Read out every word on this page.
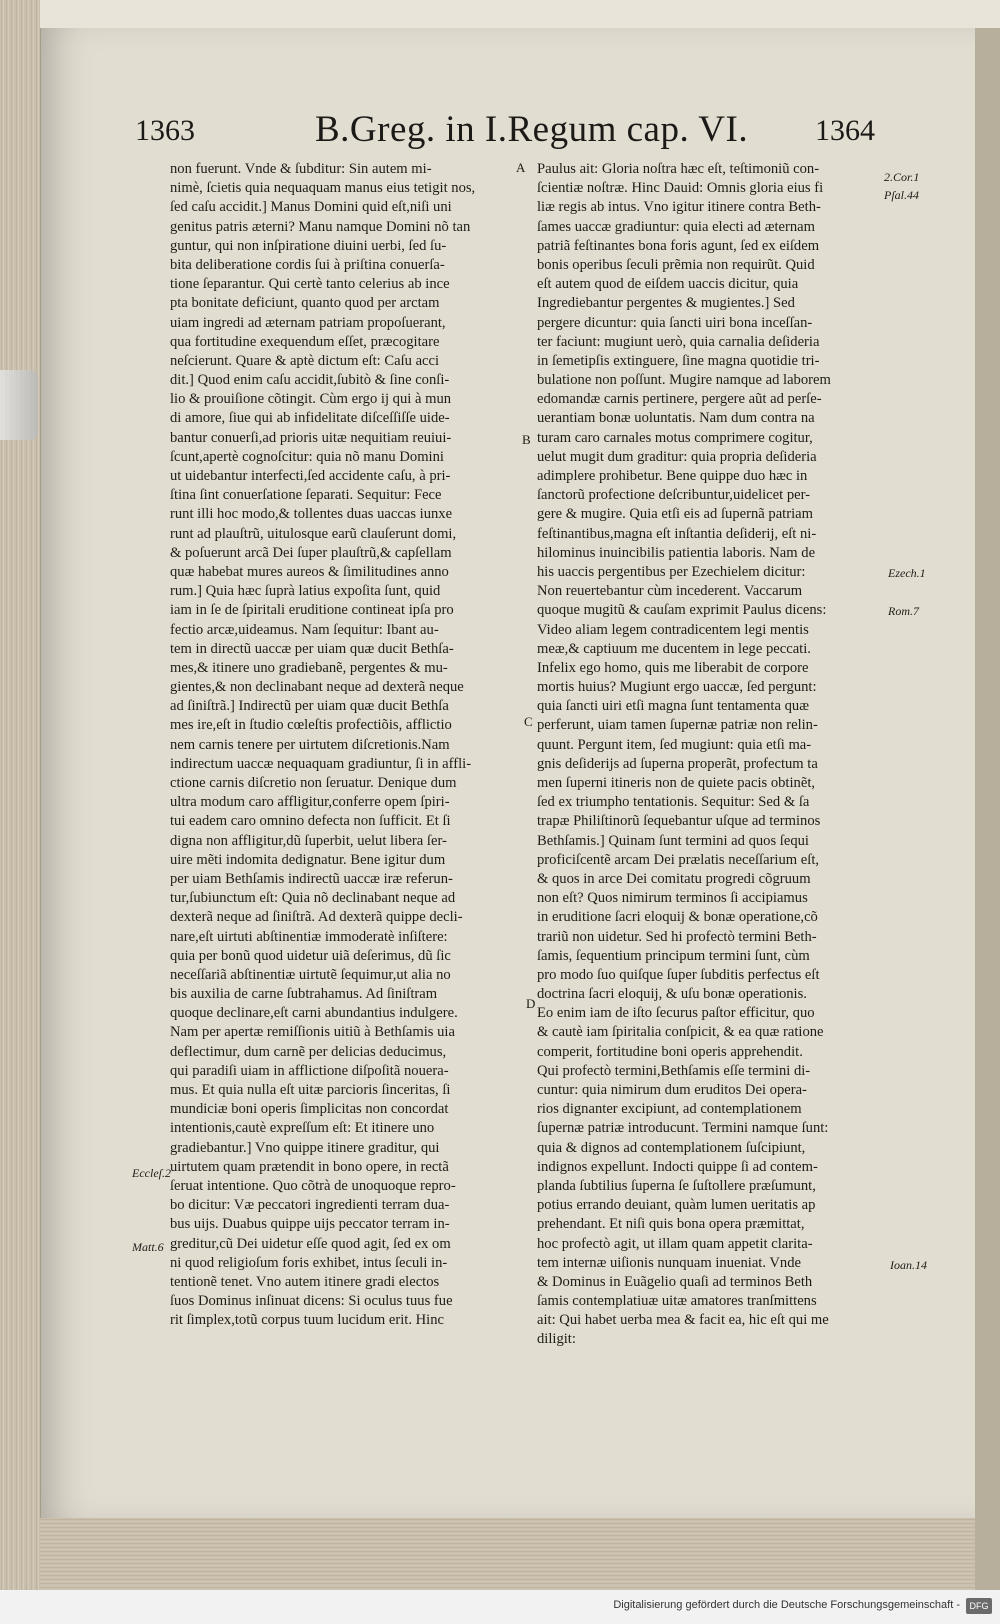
1363	B.Greg. in I.Regum cap. VI. 1364
non fuerunt. Vnde & ſubditur: Sin autem mi-
nimè, ſcietis quia nequaquam manus eius tetigit nos,
ſed caſu accidit.] Manus Domini quid eſt,niſi uni
genitus patris æterni? Manu namque Domini nõ tan
guntur, qui non inſpiratione diuini uerbi, ſed ſu-
bita deliberatione cordis ſui à priſtina conuerſa-
tione ſeparantur. Qui certè tanto celerius ab ince
pta bonitate deficiunt, quanto quod per arctam
uiam ingredi ad æternam patriam propoſuerant,
qua fortitudine exequendum eſſet, præcogitare
neſcierunt. Quare & aptè dictum eſt: Caſu acci
dit.] Quod enim caſu accidit,ſubitò & ſine conſi-
lio & prouiſione cõtingit. Cùm ergo ij qui à mun
di amore, ſiue qui ab infidelitate diſceſſiſſe uide-
bantur conuerſi,ad prioris uitæ nequitiam reuiui-
ſcunt,apertè cognoſcitur: quia nõ manu Domini
ut uidebantur interfecti,ſed accidente caſu, à pri-
ſtina ſint conuerſatione ſeparati. Sequitur: Fece
runt illi hoc modo,& tollentes duas uaccas iunxe
runt ad plauſtrũ, uitulosque earũ clauſerunt domi,
& poſuerunt arcã Dei ſuper plauſtrũ,& capſellam
quæ habebat mures aureos & ſimilitudines anno
rum.] Quia hæc ſuprà latius expoſita ſunt, quid
iam in ſe de ſpiritali eruditione contineat ipſa pro
fectio arcæ,uideamus. Nam ſequitur: Ibant au-
tem in directũ uaccæ per uiam quæ ducit Bethſa-
mes,& itinere uno gradiebanẽ, pergentes & mu-
gientes,& non declinabant neque ad dexterã neque
ad ſiniſtrã.] Indirectũ per uiam quæ ducit Bethſa
mes ire,eſt in ſtudio cœleſtis profectiõis, afflictio
nem carnis tenere per uirtutem diſcretionis.Nam
indirectum uaccæ nequaquam gradiuntur, ſi in affli-
ctione carnis diſcretio non ſeruatur. Denique dum
ultra modum caro affligitur,conferre opem ſpiri-
tui eadem caro omnino defecta non ſufficit. Et ſi
digna non affligitur,dũ ſuperbit, uelut libera ſer-
uire mẽti indomita dedignatur. Bene igitur dum
per uiam Bethſamis indirectũ uaccæ iræ referun-
tur,ſubiunctum eſt: Quia nõ declinabant neque ad
dexterã neque ad ſiniſtrã. Ad dexterã quippe decli-
nare,eſt uirtuti abſtinentiæ immoderatè inſiſtere:
quia per bonũ quod uidetur uiã deſerimus, dũ ſic
neceſſariã abſtinentiæ uirtutẽ ſequimur,ut alia no
bis auxilia de carne ſubtrahamus. Ad ſiniſtram
quoque declinare,eſt carni abundantius indulgere.
Nam per apertæ remiſſionis uitiũ à Bethſamis uia
deflectimur, dum carnẽ per delicias deducimus,
qui paradiſi uiam in afflictione diſpoſitã nouera-
mus. Et quia nulla eſt uitæ parcioris ſinceritas, ſi
mundiciæ boni operis ſimplicitas non concordat
intentionis,cautè expreſſum eſt: Et itinere uno
gradiebantur.] Vno quippe itinere graditur, qui
uirtutem quam prætendit in bono opere, in rectã
ſeruat intentione. Quo cõtrà de unoquoque repro-
bo dicitur: Væ peccatori ingredienti terram dua-
bus uijs. Duabus quippe uijs peccator terram in-
greditur,cũ Dei uidetur eſſe quod agit, ſed ex om
ni quod religioſum foris exhibet, intus ſeculi in-
tentionẽ tenet. Vno autem itinere gradi electos
ſuos Dominus inſinuat dicens: Si oculus tuus fue
rit ſimplex,totũ corpus tuum lucidum erit. Hinc
Paulus ait: Gloria noſtra hæc eſt, teſtimoniũ con-
ſcientiæ noſtræ. Hinc Dauid: Omnis gloria eius fi
liæ regis ab intus. Vno igitur itinere contra Beth-
ſames uaccæ gradiuntur: quia electi ad æternam
patriã feſtinantes bona foris agunt, ſed ex eiſdem
bonis operibus ſeculi prẽmia non requirũt. Quid
eſt autem quod de eiſdem uaccis dicitur, quia
Ingrediebantur pergentes & mugientes.] Sed
pergere dicuntur: quia ſancti uiri bona inceſſan-
ter faciunt: mugiunt uerò, quia carnalia deſideria
in ſemetipſis extinguere, ſine magna quotidie tri-
bulatione non poſſunt. Mugire namque ad laborem
edomandæ carnis pertinere, pergere aũt ad perſe-
uerantiam bonæ uoluntatis. Nam dum contra na
turam caro carnales motus comprimere cogitur,
uelut mugit dum graditur: quia propria deſideria
adimplere prohibetur. Bene quippe duo hæc in
ſanctorũ profectione deſcribuntur,uidelicet per-
gere & mugire. Quia etſi eis ad ſupernã patriam
feſtinantibus,magna eſt inſtantia deſiderij, eſt ni-
hilominus inuincibilis patientia laboris. Nam de
his uaccis pergentibus per Ezechielem dicitur:
Non reuertebantur cùm incederent. Vaccarum
quoque mugitũ & cauſam exprimit Paulus dicens:
Video aliam legem contradicentem legi mentis
meæ,& captiuum me ducentem in lege peccati.
Infelix ego homo, quis me liberabit de corpore
mortis huius? Mugiunt ergo uaccæ, ſed pergunt:
quia ſancti uiri etſi magna ſunt tentamenta quæ
perferunt, uiam tamen ſupernæ patriæ non relin-
quunt. Pergunt item, ſed mugiunt: quia etſi ma-
gnis deſiderijs ad ſuperna properãt, profectum ta
men ſuperni itineris non de quiete pacis obtinẽt,
ſed ex triumpho tentationis. Sequitur: Sed & ſa
trapæ Philiſtinorũ ſequebantur uſque ad terminos
Bethſamis.] Quinam ſunt termini ad quos ſequi
proficiſcentẽ arcam Dei prælatis neceſſarium eſt,
& quos in arce Dei comitatu progredi cõgruum
non eſt? Quos nimirum terminos ſi accipiamus
in eruditione ſacri eloquij & bonæ operatione,cõ
trariũ non uidetur. Sed hi profectò termini Beth-
ſamis, ſequentium principum termini ſunt, cùm
pro modo ſuo quiſque ſuper ſubditis perfectus eſt
doctrina ſacri eloquij, & uſu bonæ operationis.
Eo enim iam de iſto ſecurus paſtor efficitur, quo
& cautè iam ſpiritalia conſpicit, & ea quæ ratione
comperit, fortitudine boni operis apprehendit.
Qui profectò termini,Bethſamis eſſe termini di-
cuntur: quia nimirum dum eruditos Dei opera-
rios dignanter excipiunt, ad contemplationem
ſupernæ patriæ introducunt. Termini namque ſunt:
quia & dignos ad contemplationem ſuſcipiunt,
indignos expellunt. Indocti quippe ſi ad contem-
planda ſubtilius ſuperna ſe ſuſtollere præſumunt,
potius errando deuiant, quàm lumen ueritatis ap
prehendant. Et niſi quis bona opera præmittat,
hoc profectò agit, ut illam quam appetit clarita-
tem internæ uiſionis nunquam inueniat. Vnde
& Dominus in Euãgelio quaſi ad terminos Beth
ſamis contemplatiuæ uitæ amatores tranſmittens
ait: Qui habet uerba mea & facit ea, hic eſt qui me
diligit:
A
B
C
D
2.Cor.1
Pſal.44
Ezech.1
Rom.7
Eccleſ.2
Matt.6
Ioan.14
Digitalisierung gefördert durch die Deutsche Forschungsgemeinschaft -	DFG
